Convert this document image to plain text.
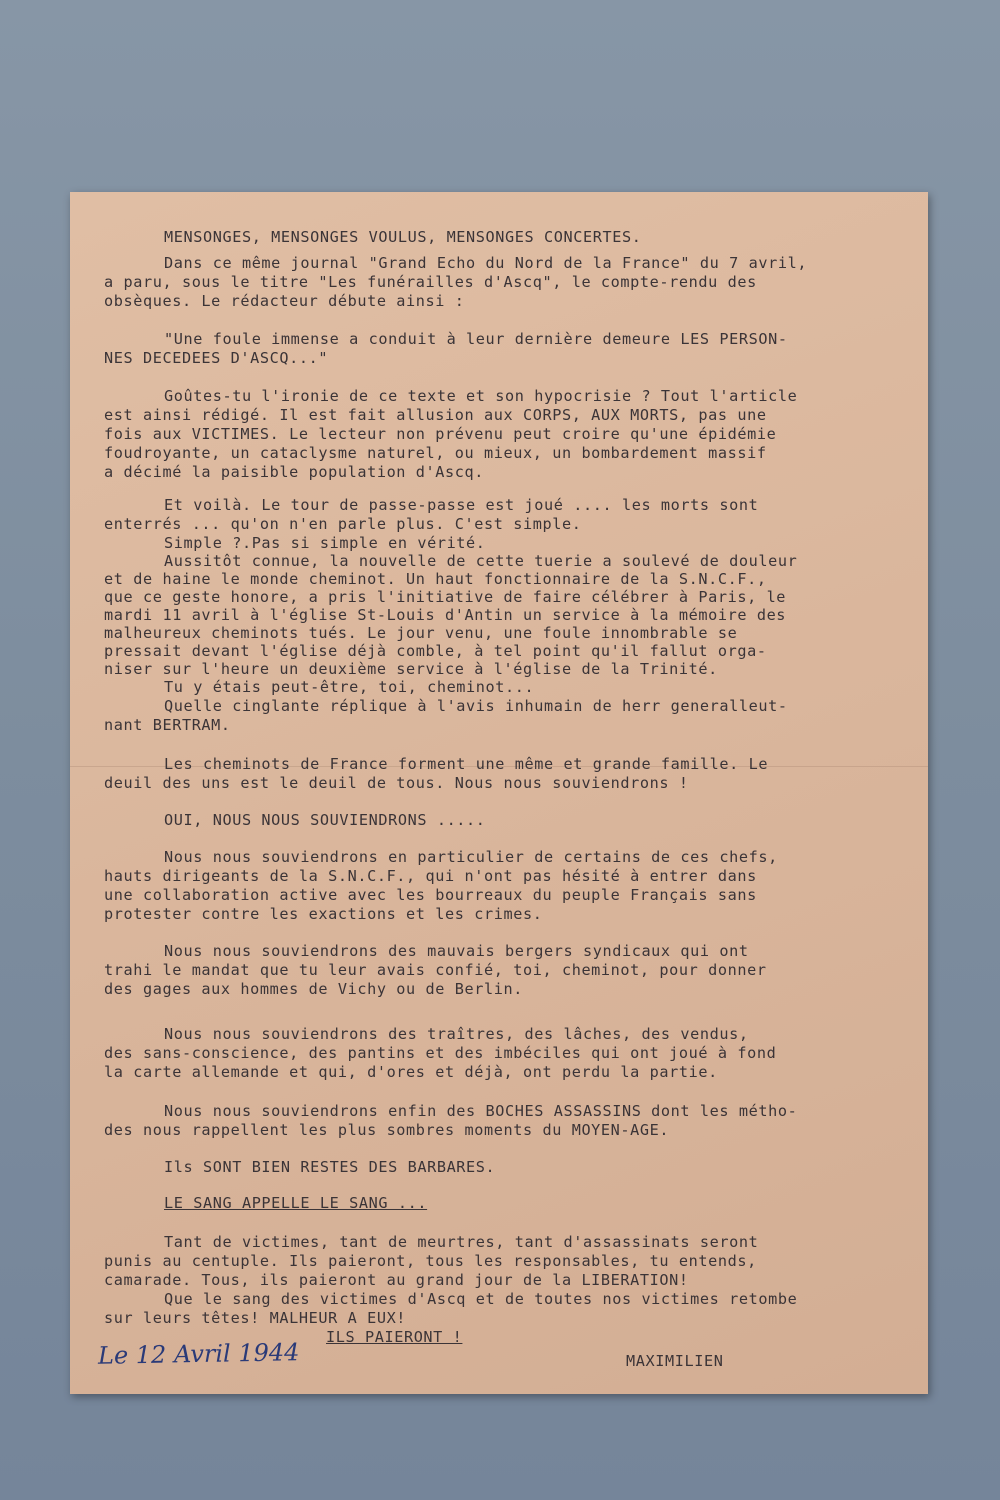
MENSONGES, MENSONGES VOULUS, MENSONGES CONCERTES.
Dans ce même journal "Grand Echo du Nord de la France" du 7 avril,
a paru, sous le titre "Les funérailles d'Ascq", le compte-rendu des
obsèques. Le rédacteur débute ainsi :
"Une foule immense a conduit à leur dernière demeure LES PERSON-
NES DECEDEES D'ASCQ..."
Goûtes-tu l'ironie de ce texte et son hypocrisie ? Tout l'article
est ainsi rédigé. Il est fait allusion aux CORPS, AUX MORTS, pas une
fois aux VICTIMES. Le lecteur non prévenu peut croire qu'une épidémie
foudroyante, un cataclysme naturel, ou mieux, un bombardement massif
a décimé la paisible population d'Ascq.
Et voilà. Le tour de passe-passe est joué .... les morts sont
enterrés ... qu'on n'en parle plus. C'est simple.
Simple ?.Pas si simple en vérité.
Aussitôt connue, la nouvelle de cette tuerie a soulevé de douleur
et de haine le monde cheminot. Un haut fonctionnaire de la S.N.C.F.,
que ce geste honore, a pris l'initiative de faire célébrer à Paris, le
mardi 11 avril à l'église St-Louis d'Antin un service à la mémoire des
malheureux cheminots tués. Le jour venu, une foule innombrable se
pressait devant l'église déjà comble, à tel point qu'il fallut orga-
niser sur l'heure un deuxième service à l'église de la Trinité.
Tu y étais peut-être, toi, cheminot...
Quelle cinglante réplique à l'avis inhumain de herr generalleut-
nant BERTRAM.
Les cheminots de France forment une même et grande famille. Le
deuil des uns est le deuil de tous. Nous nous souviendrons !
OUI, NOUS NOUS SOUVIENDRONS .....
Nous nous souviendrons en particulier de certains de ces chefs,
hauts dirigeants de la S.N.C.F., qui n'ont pas hésité à entrer dans
une collaboration active avec les bourreaux du peuple Français sans
protester contre les exactions et les crimes.
Nous nous souviendrons des mauvais bergers syndicaux qui ont
trahi le mandat que tu leur avais confié, toi, cheminot, pour donner
des gages aux hommes de Vichy ou de Berlin.
Nous nous souviendrons des traîtres, des lâches, des vendus,
des sans-conscience, des pantins et des imbéciles qui ont joué à fond
la carte allemande et qui, d'ores et déjà, ont perdu la partie.
Nous nous souviendrons enfin des BOCHES ASSASSINS dont les métho-
des nous rappellent les plus sombres moments du MOYEN-AGE.
Ils SONT BIEN RESTES DES BARBARES.
LE SANG APPELLE LE SANG ...
Tant de victimes, tant de meurtres, tant d'assassinats seront
punis au centuple. Ils paieront, tous les responsables, tu entends,
camarade. Tous, ils paieront au grand jour de la LIBERATION!
Que le sang des victimes d'Ascq et de toutes nos victimes retombe
sur leurs têtes! MALHEUR A EUX!
ILS PAIERONT !
Le 12 Avril 1944	MAXIMILIEN
